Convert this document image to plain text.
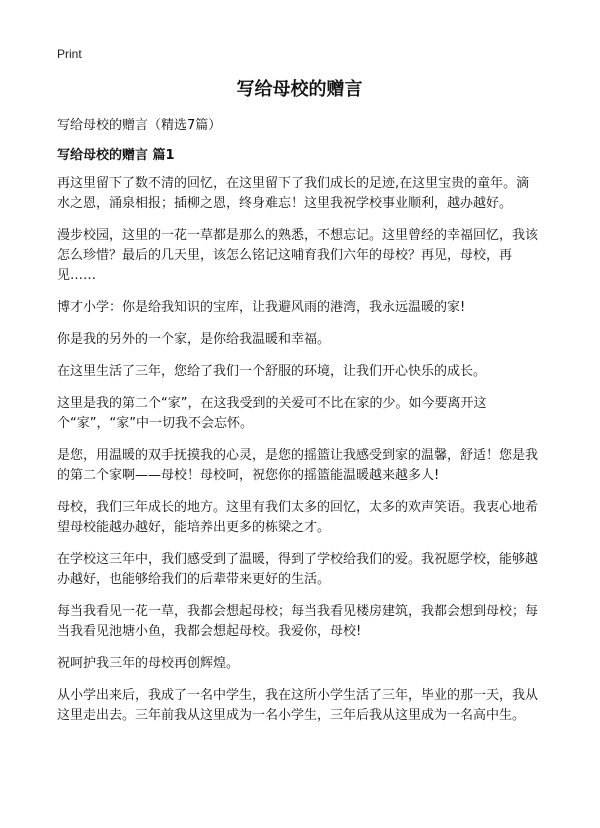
Print

写给母校的赠言

写给母校的赠言（精选7篇）

写给母校的赠言 篇1

再这里留下了数不清的回忆，在这里留下了我们成长的足迹,在这里宝贵的童年。滴水之恩，涌泉相报；插柳之恩，终身难忘！这里我祝学校事业顺利，越办越好。

漫步校园，这里的一花一草都是那么的熟悉，不想忘记。这里曾经的幸福回忆，我该怎么珍惜？最后的几天里，该怎么铭记这哺育我们六年的母校？再见，母校，再见……

博才小学：你是给我知识的宝库，让我避风雨的港湾，我永远温暖的家!

你是我的另外的一个家，是你给我温暖和幸福。

在这里生活了三年，您给了我们一个舒服的环境，让我们开心快乐的成长。

这里是我的第二个“家”，在这我受到的关爱可不比在家的少。如今要离开这个“家”，“家”中一切我不会忘怀。

是您，用温暖的双手抚摸我的心灵，是您的摇篮让我感受到家的温馨，舒适！您是我的第二个家啊——母校！母校呵，祝您你的摇篮能温暖越来越多人!

母校，我们三年成长的地方。这里有我们太多的回忆，太多的欢声笑语。我衷心地希望母校能越办越好，能培养出更多的栋梁之才。

在学校这三年中，我们感受到了温暖，得到了学校给我们的爱。我祝愿学校，能够越办越好，也能够给我们的后辈带来更好的生活。

每当我看见一花一草，我都会想起母校；每当我看见楼房建筑，我都会想到母校；每当我看见池塘小鱼，我都会想起母校。我爱你，母校!

祝呵护我三年的母校再创辉煌。

从小学出来后，我成了一名中学生，我在这所小学生活了三年，毕业的那一天，我从这里走出去。三年前我从这里成为一名小学生，三年后我从这里成为一名高中生。
